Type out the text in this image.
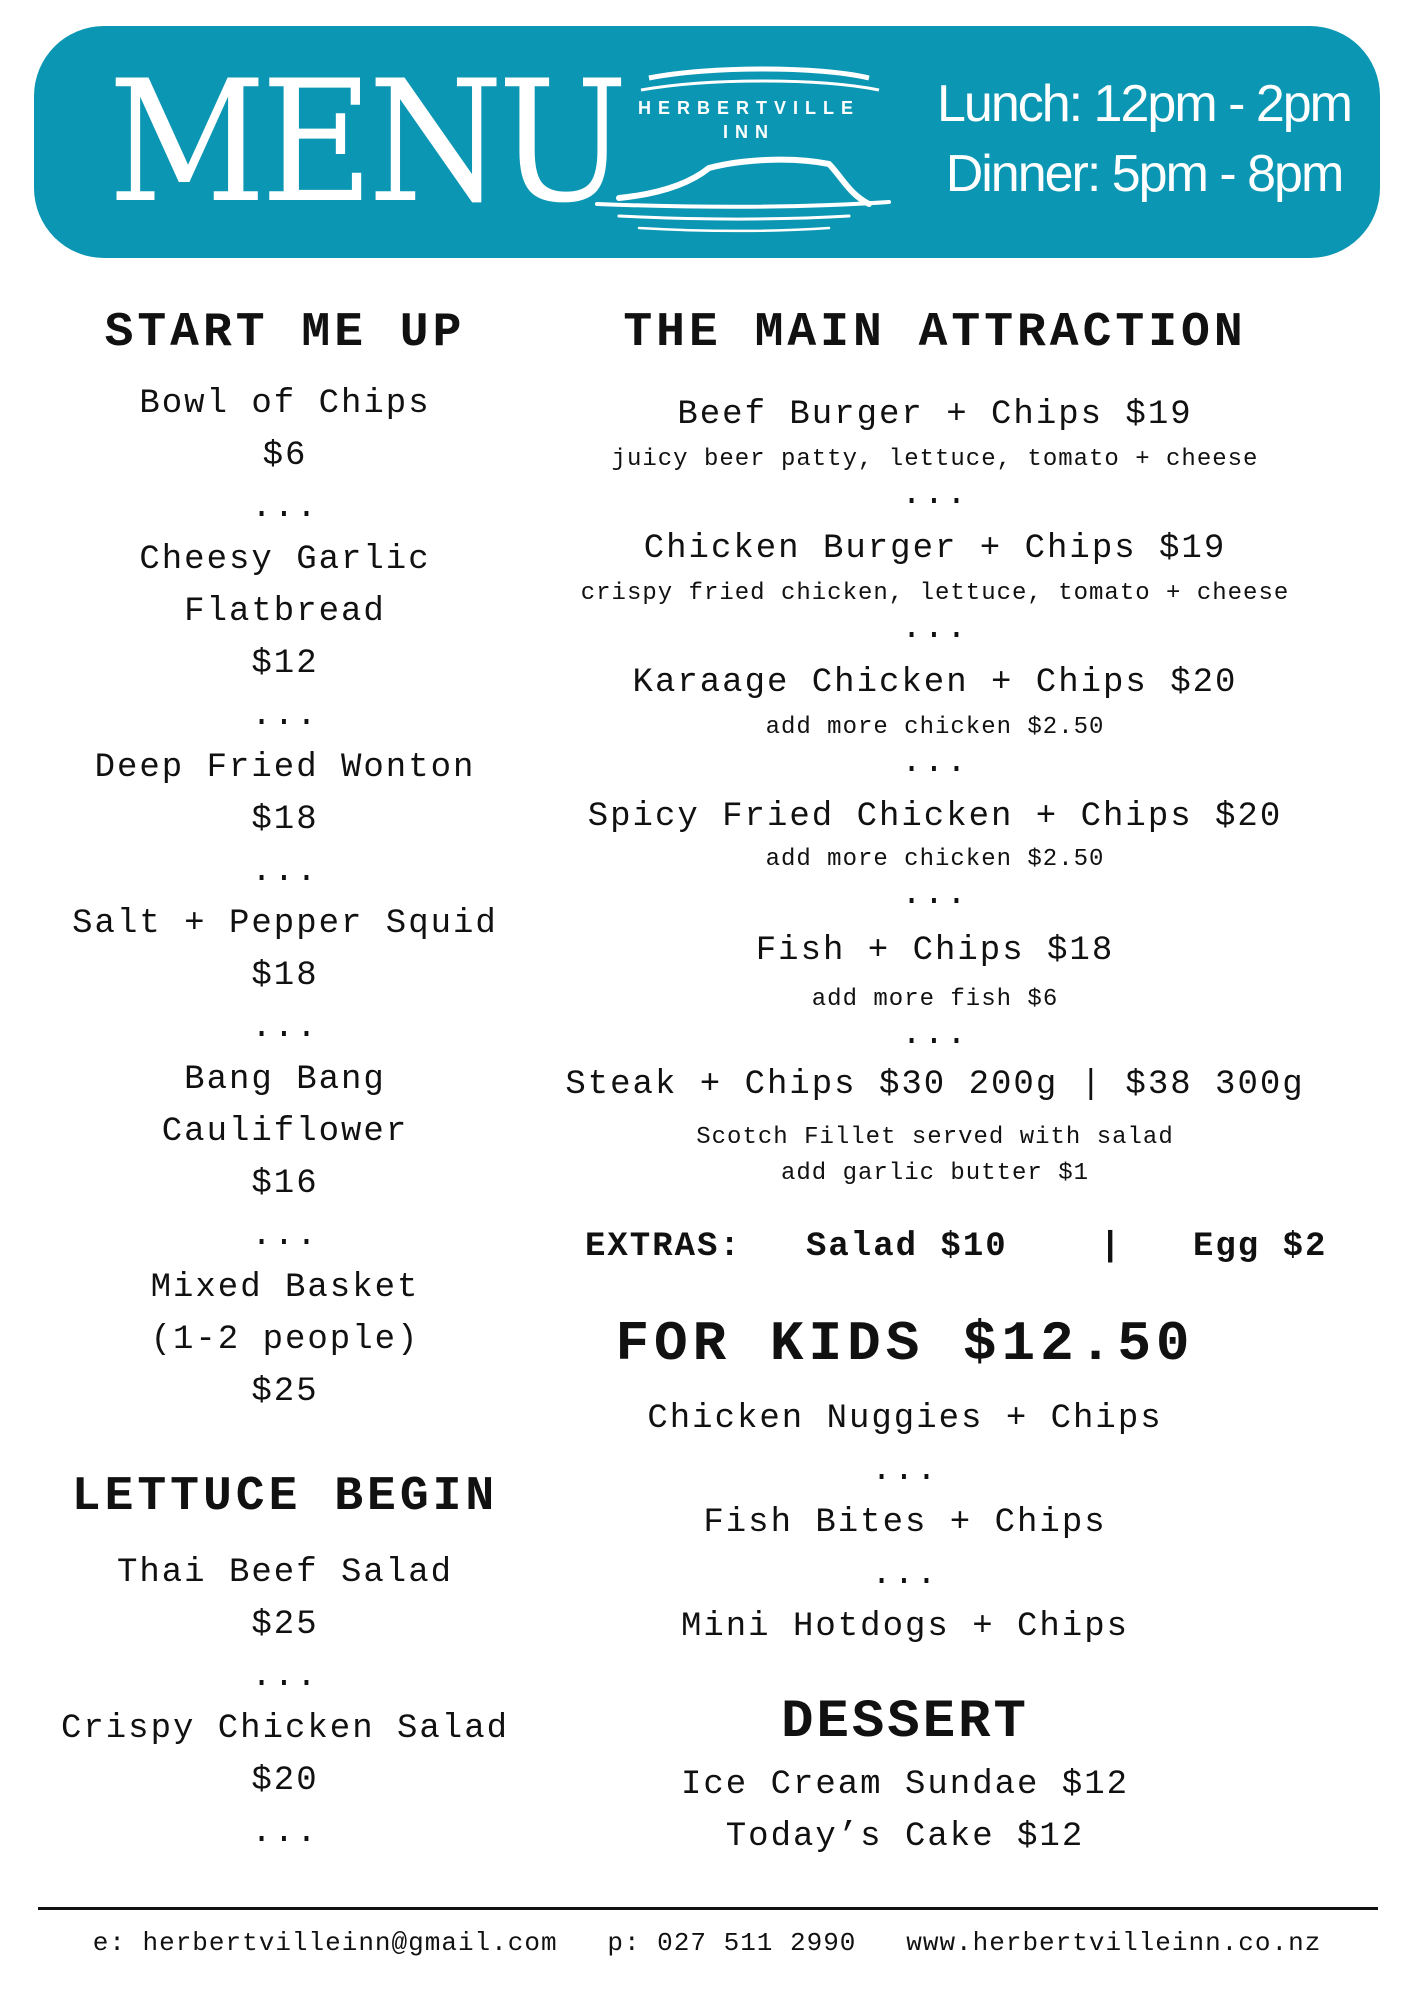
MENU HERBERTVILLE
INN	Lunch: 12pm - 2pm
Dinner: 5pm - 8pm
START ME UP
Bowl of Chips
$6
...
Cheesy Garlic
Flatbread
$12
...
Deep Fried Wonton
$18
...
Salt + Pepper Squid
$18
...
Bang Bang
Cauliflower
$16
...
Mixed Basket
(1-2 people)
$25
LETTUCE BEGIN
Thai Beef Salad
$25
...
Crispy Chicken Salad
$20
...
THE MAIN ATTRACTION
Beef Burger + Chips $19
juicy beer patty, lettuce, tomato + cheese
...
Chicken Burger + Chips $19
crispy fried chicken, lettuce, tomato + cheese
...
Karaage Chicken + Chips $20
add more chicken $2.50
...
Spicy Fried Chicken + Chips $20
add more chicken $2.50
...
Fish + Chips $18
add more fish $6
...
Steak + Chips $30 200g | $38 300g
Scotch Fillet served with salad
add garlic butter $1
EXTRAS: Salad $10	| Egg $2
FOR KIDS $12.50
Chicken Nuggies + Chips
...
Fish Bites + Chips
...
Mini Hotdogs + Chips
DESSERT
Ice Cream Sundae $12
Today’s Cake $12
e: herbertvilleinn@gmail.com p: 027 511 2990 www.herbertvilleinn.co.nz
